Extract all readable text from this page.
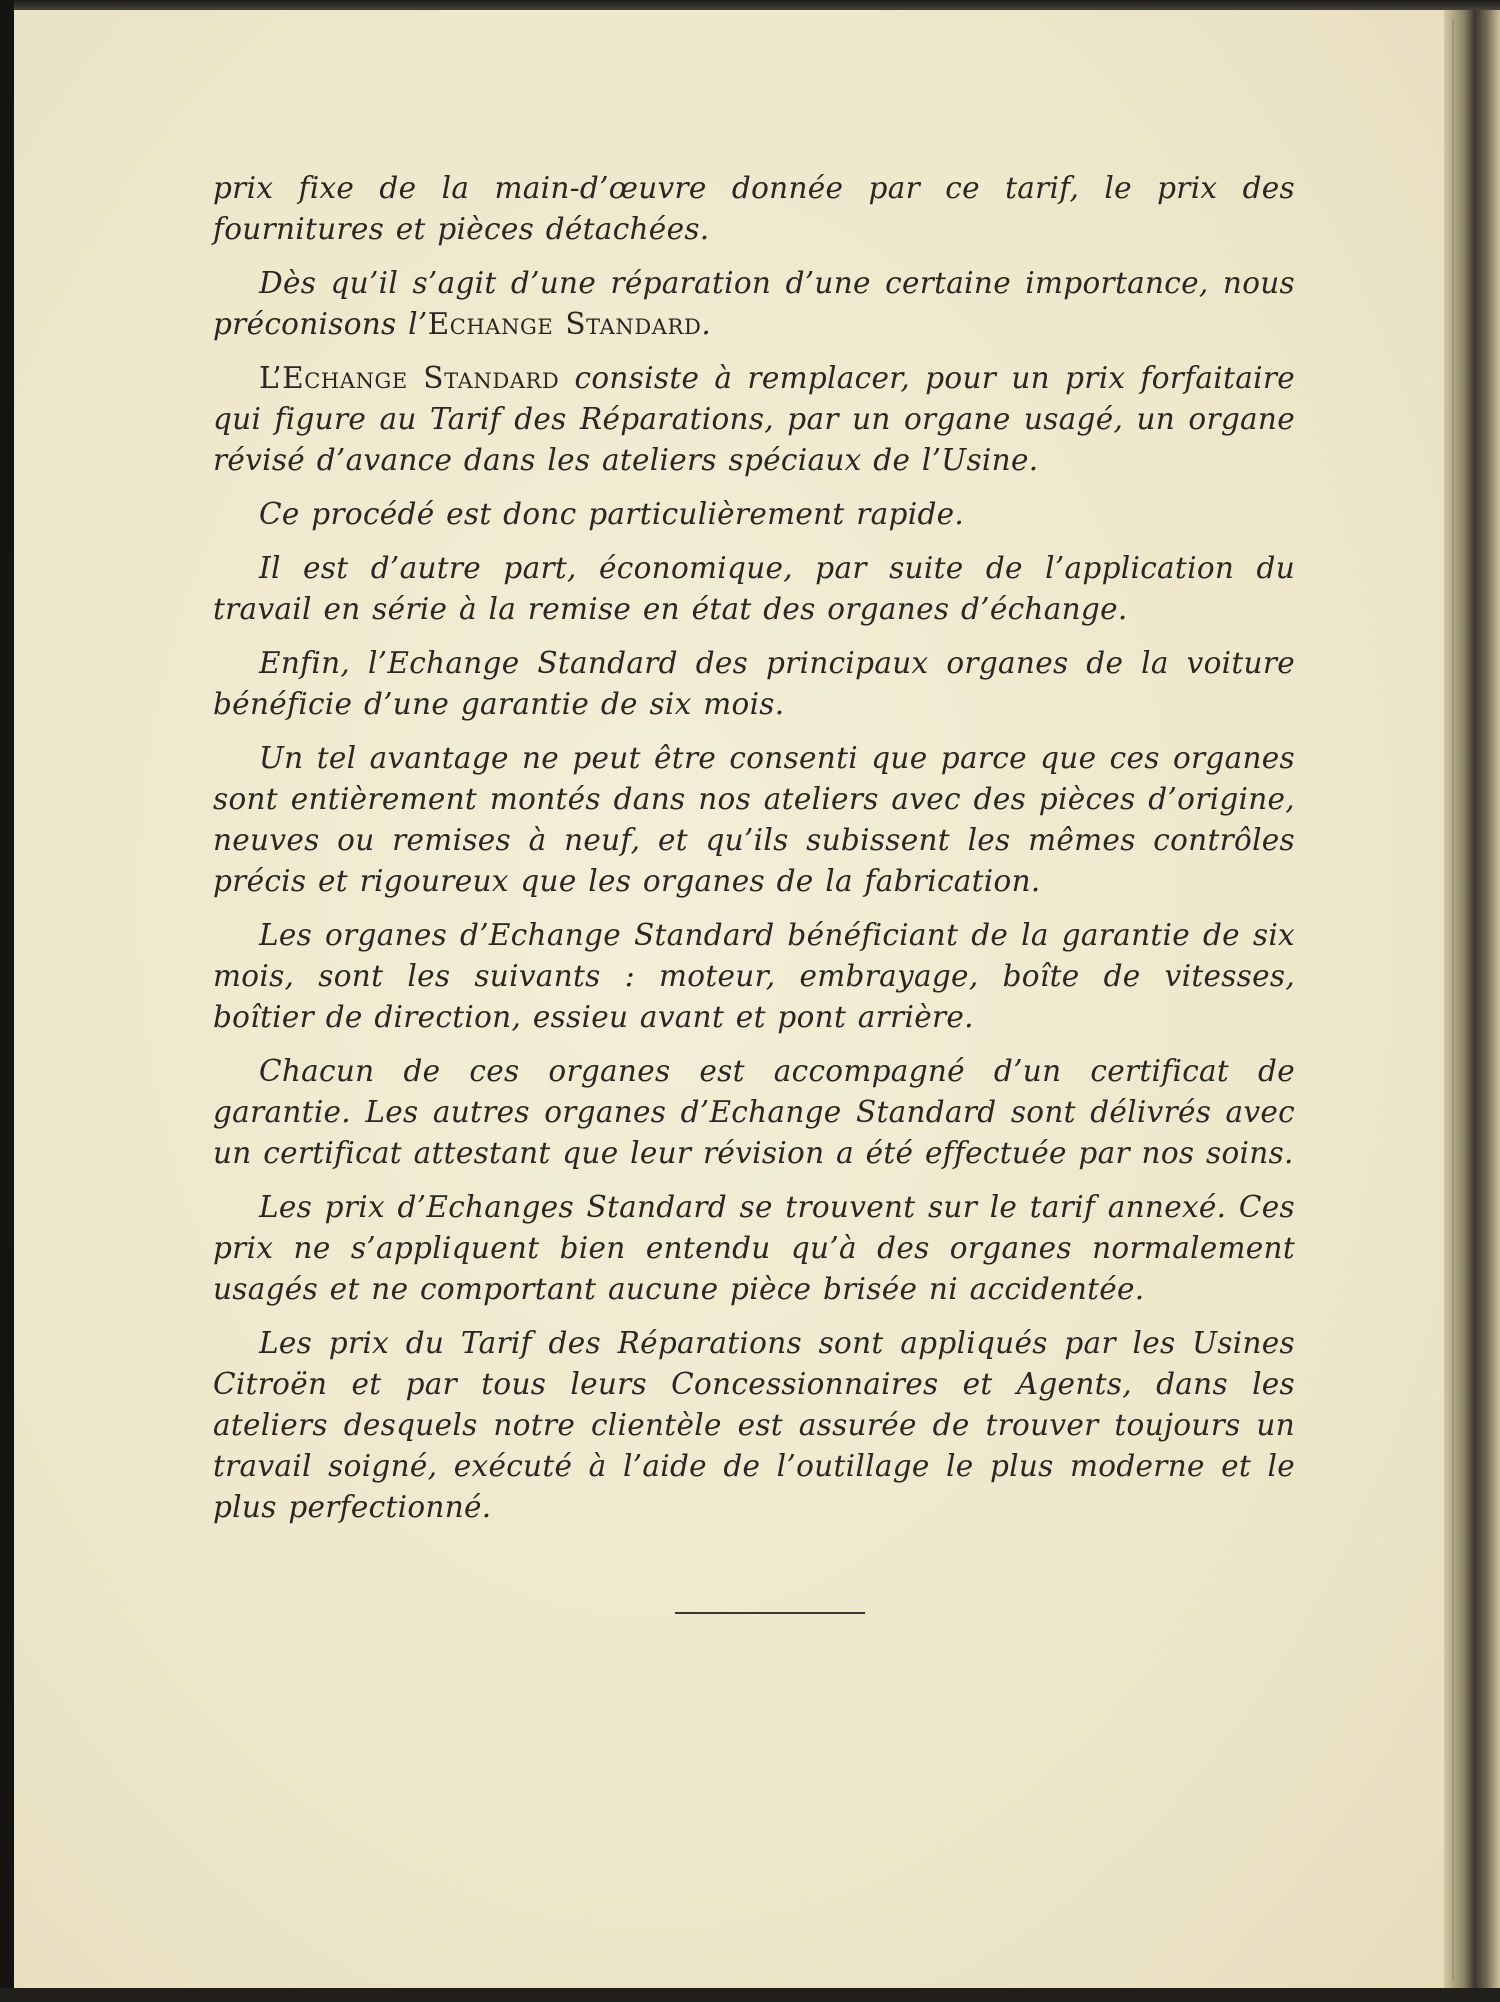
prix fixe de la main-d’œuvre donnée par ce tarif, le prix des fournitures et pièces détachées.

Dès qu’il s’agit d’une réparation d’une certaine importance, nous préconisons l’Echange Standard.

L’Echange Standard consiste à remplacer, pour un prix forfaitaire qui figure au Tarif des Réparations, par un organe usagé, un organe révisé d’avance dans les ateliers spéciaux de l’Usine.

Ce procédé est donc particulièrement rapide.

Il est d’autre part, économique, par suite de l’application du travail en série à la remise en état des organes d’échange.

Enfin, l’Echange Standard des principaux organes de la voiture bénéficie d’une garantie de six mois.

Un tel avantage ne peut être consenti que parce que ces organes sont entièrement montés dans nos ateliers avec des pièces d’origine, neuves ou remises à neuf, et qu’ils subissent les mêmes contrôles précis et rigoureux que les organes de la fabrication.

Les organes d’Echange Standard bénéficiant de la garantie de six mois, sont les suivants : moteur, embrayage, boîte de vitesses, boîtier de direction, essieu avant et pont arrière.

Chacun de ces organes est accompagné d’un certificat de garantie. Les autres organes d’Echange Standard sont délivrés avec un certificat attestant que leur révision a été effectuée par nos soins.

Les prix d’Echanges Standard se trouvent sur le tarif annexé. Ces prix ne s’appliquent bien entendu qu’à des organes normalement usagés et ne comportant aucune pièce brisée ni accidentée.

Les prix du Tarif des Réparations sont appliqués par les Usines Citroën et par tous leurs Concessionnaires et Agents, dans les ateliers desquels notre clientèle est assurée de trouver toujours un travail soigné, exécuté à l’aide de l’outillage le plus moderne et le plus perfectionné.
